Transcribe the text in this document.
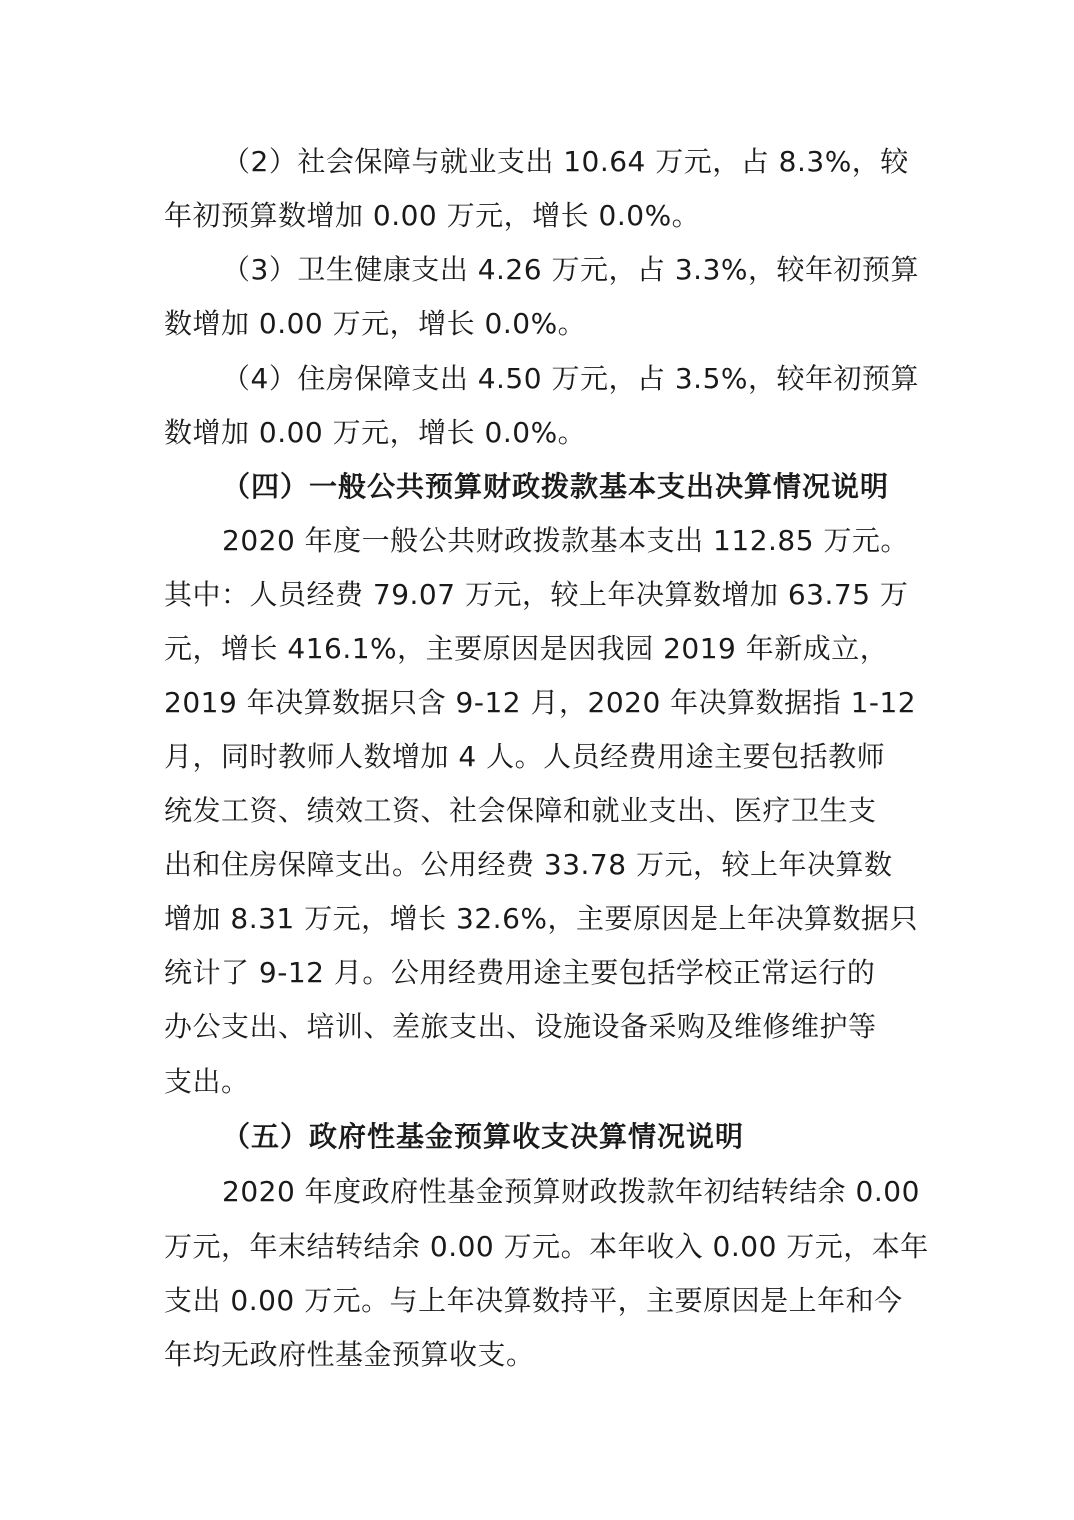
（2）社会保障与就业支出 10.64 万元，占 8.3%，较
年初预算数增加 0.00 万元，增长 0.0%。
（3）卫生健康支出 4.26 万元，占 3.3%，较年初预算
数增加 0.00 万元，增长 0.0%。
（4）住房保障支出 4.50 万元，占 3.5%，较年初预算
数增加 0.00 万元，增长 0.0%。
（四）一般公共预算财政拨款基本支出决算情况说明
2020 年度一般公共财政拨款基本支出 112.85 万元。
其中：人员经费 79.07 万元，较上年决算数增加 63.75 万
元，增长 416.1%，主要原因是因我园 2019 年新成立，
2019 年决算数据只含 9-12 月，2020 年决算数据指 1-12
月，同时教师人数增加 4 人。人员经费用途主要包括教师
统发工资、绩效工资、社会保障和就业支出、医疗卫生支
出和住房保障支出。公用经费 33.78 万元，较上年决算数
增加 8.31 万元，增长 32.6%，主要原因是上年决算数据只
统计了 9-12 月。公用经费用途主要包括学校正常运行的
办公支出、培训、差旅支出、设施设备采购及维修维护等
支出。
（五）政府性基金预算收支决算情况说明
2020 年度政府性基金预算财政拨款年初结转结余 0.00
万元，年末结转结余 0.00 万元。本年收入 0.00 万元，本年
支出 0.00 万元。与上年决算数持平，主要原因是上年和今
年均无政府性基金预算收支。
